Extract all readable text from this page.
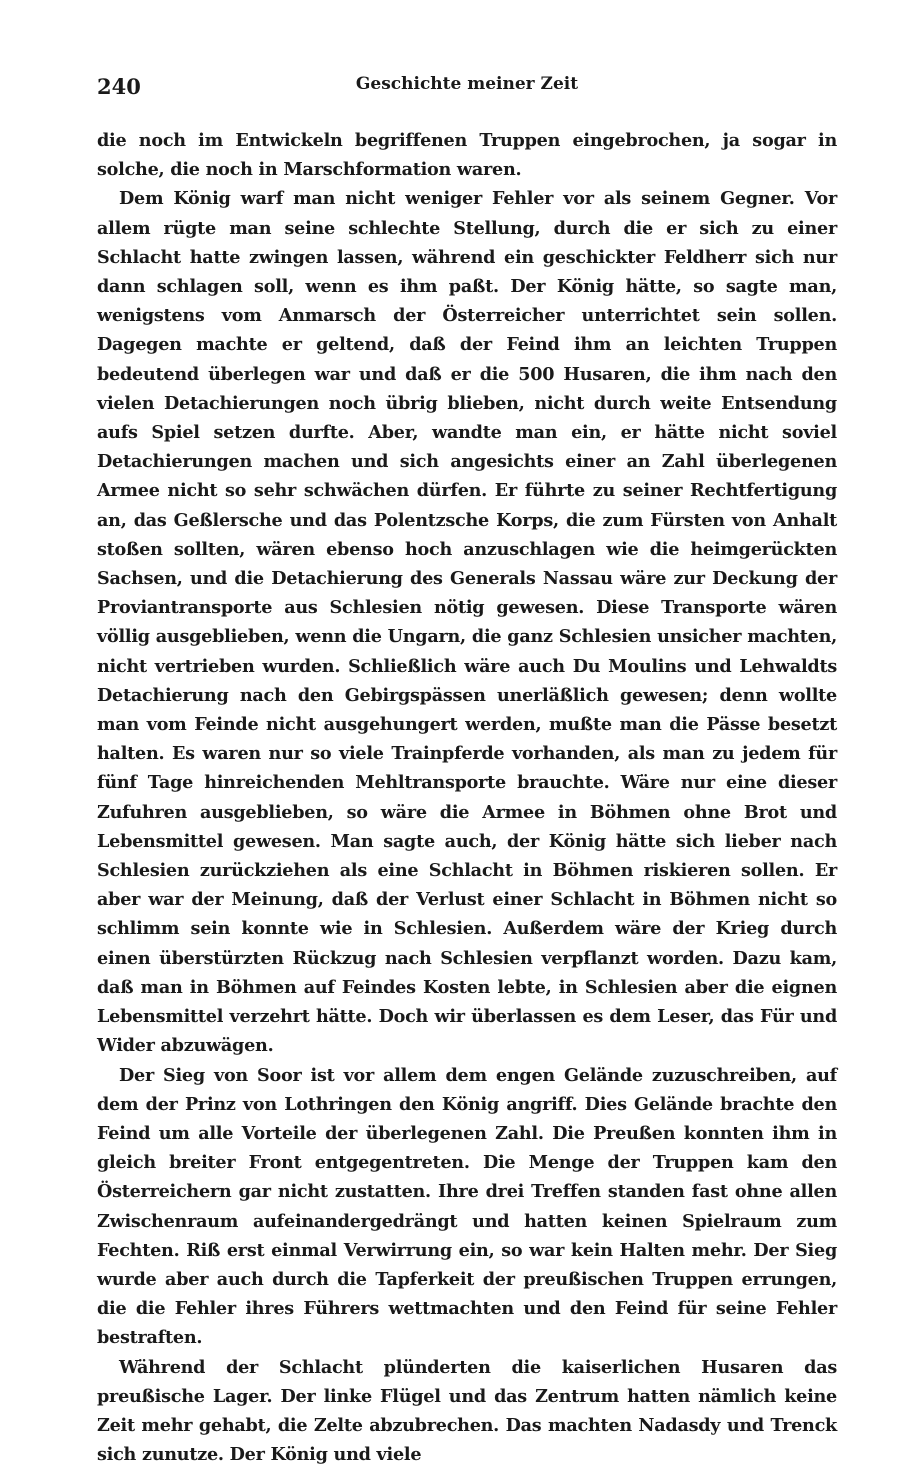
240	Geschichte meiner Zeit

die noch im Entwickeln begriffenen Truppen eingebrochen, ja sogar in solche, die noch in Marschformation waren.

Dem König warf man nicht weniger Fehler vor als seinem Gegner. Vor allem rügte man seine schlechte Stellung, durch die er sich zu einer Schlacht hatte zwingen lassen, während ein geschickter Feldherr sich nur dann schlagen soll, wenn es ihm paßt. Der König hätte, so sagte man, wenigstens vom Anmarsch der Österreicher unterrichtet sein sollen. Dagegen machte er geltend, daß der Feind ihm an leichten Truppen bedeutend überlegen war und daß er die 500 Husaren, die ihm nach den vielen Detachierungen noch übrig blieben, nicht durch weite Entsendung aufs Spiel setzen durfte. Aber, wandte man ein, er hätte nicht soviel Detachierungen machen und sich angesichts einer an Zahl überlegenen Armee nicht so sehr schwächen dürfen. Er führte zu seiner Rechtfertigung an, das Geßlersche und das Polentzsche Korps, die zum Fürsten von Anhalt stoßen sollten, wären ebenso hoch anzuschlagen wie die heimgerückten Sachsen, und die Detachierung des Generals Nassau wäre zur Deckung der Proviantransporte aus Schlesien nötig gewesen. Diese Transporte wären völlig ausgeblieben, wenn die Ungarn, die ganz Schlesien unsicher machten, nicht vertrieben wurden. Schließlich wäre auch Du Moulins und Lehwaldts Detachierung nach den Gebirgspässen unerläßlich gewesen; denn wollte man vom Feinde nicht ausgehungert werden, mußte man die Pässe besetzt halten. Es waren nur so viele Trainpferde vorhanden, als man zu jedem für fünf Tage hinreichenden Mehltransporte brauchte. Wäre nur eine dieser Zufuhren ausgeblieben, so wäre die Armee in Böhmen ohne Brot und Lebensmittel gewesen. Man sagte auch, der König hätte sich lieber nach Schlesien zurückziehen als eine Schlacht in Böhmen riskieren sollen. Er aber war der Meinung, daß der Verlust einer Schlacht in Böhmen nicht so schlimm sein konnte wie in Schlesien. Außerdem wäre der Krieg durch einen überstürzten Rückzug nach Schlesien verpflanzt worden. Dazu kam, daß man in Böhmen auf Feindes Kosten lebte, in Schlesien aber die eignen Lebensmittel verzehrt hätte. Doch wir überlassen es dem Leser, das Für und Wider abzuwägen.

Der Sieg von Soor ist vor allem dem engen Gelände zuzuschreiben, auf dem der Prinz von Lothringen den König angriff. Dies Gelände brachte den Feind um alle Vorteile der überlegenen Zahl. Die Preußen konnten ihm in gleich breiter Front entgegentreten. Die Menge der Truppen kam den Österreichern gar nicht zustatten. Ihre drei Treffen standen fast ohne allen Zwischenraum aufeinandergedrängt und hatten keinen Spielraum zum Fechten. Riß erst einmal Verwirrung ein, so war kein Halten mehr. Der Sieg wurde aber auch durch die Tapferkeit der preußischen Truppen errungen, die die Fehler ihres Führers wettmachten und den Feind für seine Fehler bestraften.

Während der Schlacht plünderten die kaiserlichen Husaren das preußische Lager. Der linke Flügel und das Zentrum hatten nämlich keine Zeit mehr gehabt, die Zelte abzubrechen. Das machten Nadasdy und Trenck sich zunutze. Der König und viele
